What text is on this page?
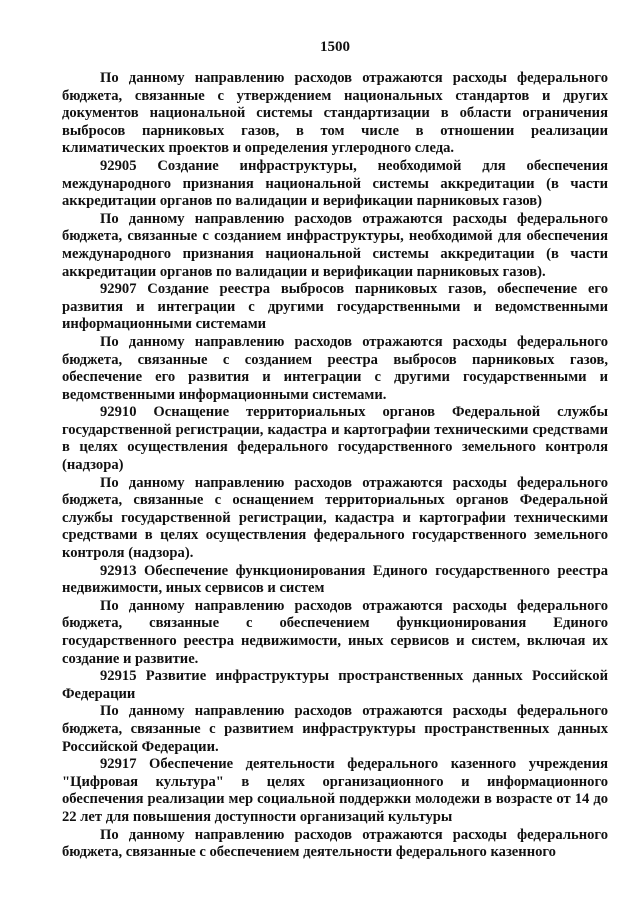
1500

По данному направлению расходов отражаются расходы федерального бюджета, связанные с утверждением национальных стандартов и других документов национальной системы стандартизации в области ограничения выбросов парниковых газов, в том числе в отношении реализации климатических проектов и определения углеродного следа.

92905 Создание инфраструктуры, необходимой для обеспечения международного признания национальной системы аккредитации (в части аккредитации органов по валидации и верификации парниковых газов)

По данному направлению расходов отражаются расходы федерального бюджета, связанные с созданием инфраструктуры, необходимой для обеспечения международного признания национальной системы аккредитации (в части аккредитации органов по валидации и верификации парниковых газов).

92907 Создание реестра выбросов парниковых газов, обеспечение его развития и интеграции с другими государственными и ведомственными информационными системами

По данному направлению расходов отражаются расходы федерального бюджета, связанные с созданием реестра выбросов парниковых газов, обеспечение его развития и интеграции с другими государственными и ведомственными информационными системами.

92910 Оснащение территориальных органов Федеральной службы государственной регистрации, кадастра и картографии техническими средствами в целях осуществления федерального государственного земельного контроля (надзора)

По данному направлению расходов отражаются расходы федерального бюджета, связанные с оснащением территориальных органов Федеральной службы государственной регистрации, кадастра и картографии техническими средствами в целях осуществления федерального государственного земельного контроля (надзора).

92913 Обеспечение функционирования Единого государственного реестра недвижимости, иных сервисов и систем

По данному направлению расходов отражаются расходы федерального бюджета, связанные с обеспечением функционирования Единого государственного реестра недвижимости, иных сервисов и систем, включая их создание и развитие.

92915 Развитие инфраструктуры пространственных данных Российской Федерации

По данному направлению расходов отражаются расходы федерального бюджета, связанные с развитием инфраструктуры пространственных данных Российской Федерации.

92917 Обеспечение деятельности федерального казенного учреждения "Цифровая культура" в целях организационного и информационного обеспечения реализации мер социальной поддержки молодежи в возрасте от 14 до 22 лет для повышения доступности организаций культуры

По данному направлению расходов отражаются расходы федерального бюджета, связанные с обеспечением деятельности федерального казенного
